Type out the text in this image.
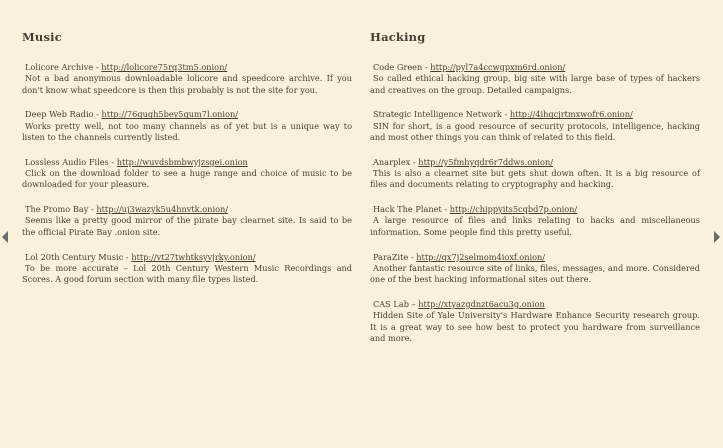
Music
Lolicore Archive - http://lolicore75rq3tm5.onion/
Not a bad anonymous downloadable lolicore and speedcore archive. If you don't know what speedcore is then this probably is not the site for you.
Deep Web Radio - http://76qugh5bey5gum7l.onion/
Works pretty well, not too many channels as of yet but is a unique way to listen to the channels currently listed.
Lossless Audio Files - http://wuvdsbmbwyjzsgei.onion
Click on the download folder to see a huge range and choice of music to be downloaded for your pleasure.
The Promo Bay - http://uj3wazyk5u4hnvtk.onion/
Seems like a pretty good mirror of the pirate bay clearnet site. Is said to be the official Pirate Bay .onion site.
Lol 20th Century Music - http://vt27twhtksyvjrky.onion/
To be more accurate – Lol 20th Century Western Music Recordings and Scores. A good forum section with many file types listed.
Hacking
Code Green - http://pyl7a4ccwgpxm6rd.onion/
So called ethical hacking group, big site with large base of types of hackers and creatives on the group. Detailed campaigns.
Strategic Intelligence Network - http://4ihqcjrtmxwofr6.onion/
SIN for short, is a good resource of security protocols, intelligence, hacking and most other things you can think of related to this field.
Anarplex - http://y5fmhyqdr6r7ddws.onion/
This is also a clearnet site but gets shut down often. It is a big resource of files and documents relating to cryptography and hacking.
Hack The Planet - http://chippyits5cqbd7p.onion/
A large resource of files and links relating to hacks and miscellaneous information. Some people find this pretty useful.
ParaZite - http://qx7j2selmom4ioxf.onion/
Another fantastic resource site of links, files, messages, and more. Considered one of the best hacking informational sites out there.
CAS Lab – http://xtyazgdnzt6acu3g.onion
Hidden Site of Yale University's Hardware Enhance Security research group. It is a great way to see how best to protect you hardware from surveillance and more.
